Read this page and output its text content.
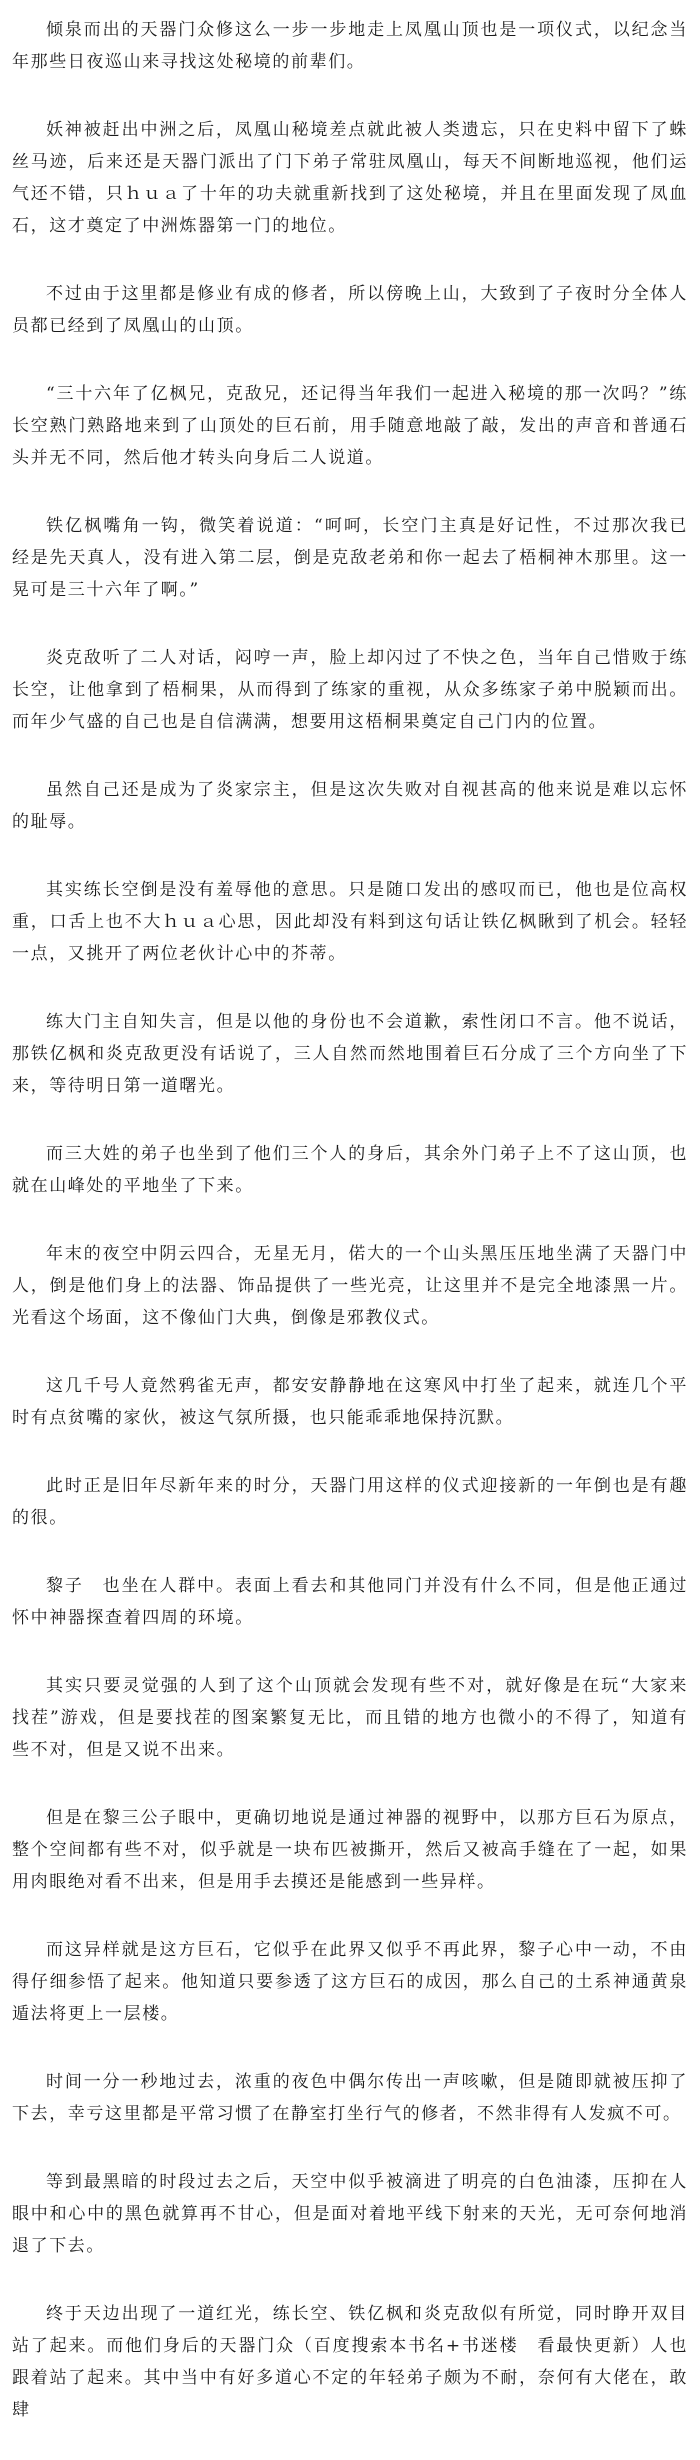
倾泉而出的天器门众修这么一步一步地走上凤凰山顶也是一项仪式，以纪念当年那些日夜巡山来寻找这处秘境的前辈们。

妖神被赶出中洲之后，凤凰山秘境差点就此被人类遗忘，只在史料中留下了蛛丝马迹，后来还是天器门派出了门下弟子常驻凤凰山，每天不间断地巡视，他们运气还不错，只ｈｕａ了十年的功夫就重新找到了这处秘境，并且在里面发现了凤血石，这才奠定了中洲炼器第一门的地位。

不过由于这里都是修业有成的修者，所以傍晚上山，大致到了子夜时分全体人员都已经到了凤凰山的山顶。

“三十六年了亿枫兄，克敌兄，还记得当年我们一起进入秘境的那一次吗？”练长空熟门熟路地来到了山顶处的巨石前，用手随意地敲了敲，发出的声音和普通石头并无不同，然后他才转头向身后二人说道。

铁亿枫嘴角一钩，微笑着说道：“呵呵，长空门主真是好记性，不过那次我已经是先天真人，没有进入第二层，倒是克敌老弟和你一起去了梧桐神木那里。这一晃可是三十六年了啊。”

炎克敌听了二人对话，闷哼一声，脸上却闪过了不快之色，当年自己惜败于练长空，让他拿到了梧桐果，从而得到了练家的重视，从众多练家子弟中脱颖而出。而年少气盛的自己也是自信满满，想要用这梧桐果奠定自己门内的位置。

虽然自己还是成为了炎家宗主，但是这次失败对自视甚高的他来说是难以忘怀的耻辱。

其实练长空倒是没有羞辱他的意思。只是随口发出的感叹而已，他也是位高权重，口舌上也不大ｈｕａ心思，因此却没有料到这句话让铁亿枫瞅到了机会。轻轻一点，又挑开了两位老伙计心中的芥蒂。

练大门主自知失言，但是以他的身份也不会道歉，索性闭口不言。他不说话，那铁亿枫和炎克敌更没有话说了，三人自然而然地围着巨石分成了三个方向坐了下来，等待明日第一道曙光。

而三大姓的弟子也坐到了他们三个人的身后，其余外门弟子上不了这山顶，也就在山峰处的平地坐了下来。

年末的夜空中阴云四合，无星无月，偌大的一个山头黑压压地坐满了天器门中人，倒是他们身上的法器、饰品提供了一些光亮，让这里并不是完全地漆黑一片。光看这个场面，这不像仙门大典，倒像是邪教仪式。

这几千号人竟然鸦雀无声，都安安静静地在这寒风中打坐了起来，就连几个平时有点贫嘴的家伙，被这气氛所摄，也只能乖乖地保持沉默。

此时正是旧年尽新年来的时分，天器门用这样的仪式迎接新的一年倒也是有趣的很。

黎子　也坐在人群中。表面上看去和其他同门并没有什么不同，但是他正通过怀中神器探查着四周的环境。

其实只要灵觉强的人到了这个山顶就会发现有些不对，就好像是在玩“大家来找茬”游戏，但是要找茬的图案繁复无比，而且错的地方也微小的不得了，知道有些不对，但是又说不出来。

但是在黎三公子眼中，更确切地说是通过神器的视野中，以那方巨石为原点，整个空间都有些不对，似乎就是一块布匹被撕开，然后又被高手缝在了一起，如果用肉眼绝对看不出来，但是用手去摸还是能感到一些异样。

而这异样就是这方巨石，它似乎在此界又似乎不再此界，黎子心中一动，不由得仔细参悟了起来。他知道只要参透了这方巨石的成因，那么自己的土系神通黄泉遁法将更上一层楼。

时间一分一秒地过去，浓重的夜色中偶尔传出一声咳嗽，但是随即就被压抑了下去，幸亏这里都是平常习惯了在静室打坐行气的修者，不然非得有人发疯不可。

等到最黑暗的时段过去之后，天空中似乎被滴进了明亮的白色油漆，压抑在人眼中和心中的黑色就算再不甘心，但是面对着地平线下射来的天光，无可奈何地消退了下去。

终于天边出现了一道红光，练长空、铁亿枫和炎克敌似有所觉，同时睁开双目站了起来。而他们身后的天器门众（百度搜索本书名+书迷楼　看最快更新）人也跟着站了起来。其中当中有好多道心不定的年轻弟子颇为不耐，奈何有大佬在，敢肆
